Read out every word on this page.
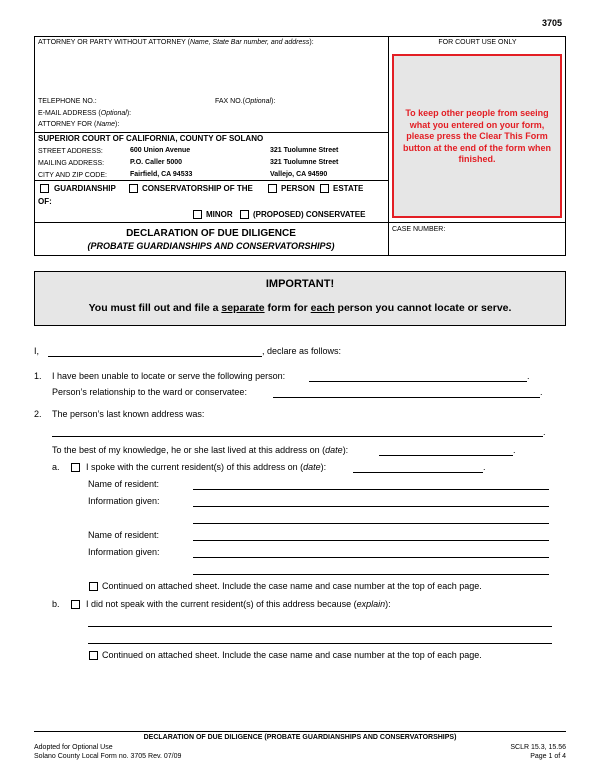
3705
ATTORNEY OR PARTY WITHOUT ATTORNEY (Name, State Bar number, and address):	FOR COURT USE ONLY
TELEPHONE NO.:	FAX NO.(Optional):
E-MAIL ADDRESS (Optional):
ATTORNEY FOR (Name):
SUPERIOR COURT OF CALIFORNIA, COUNTY OF SOLANO
STREET ADDRESS:	600 Union Avenue	321 Tuolumne Street
MAILING ADDRESS:	P.O. Caller 5000	321 Tuolumne Street
CITY AND ZIP CODE:	Fairfield, CA 94533	Vallejo, CA 94590
GUARDIANSHIP	CONSERVATORSHIP OF THE	PERSON ESTATE
OF:
MINOR	(PROPOSED) CONSERVATEE
DECLARATION OF DUE DILIGENCE
(PROBATE GUARDIANSHIPS AND CONSERVATORSHIPS)
CASE NUMBER:
To keep other people from seeing what you entered on your form, please press the Clear This Form button at the end of the form when finished.
IMPORTANT!
You must fill out and file a separate form for each person you cannot locate or serve.
I,	, declare as follows:
1. I have been unable to locate or serve the following person:	.
Person’s relationship to the ward or conservatee:	.
2. The person’s last known address was:
.
To the best of my knowledge, he or she last lived at this address on (date):	.
a.	I spoke with the current resident(s) of this address on (date):	.
Name of resident:
Information given:
Name of resident:
Information given:
Continued on attached sheet. Include the case name and case number at the top of each page.
b.	I did not speak with the current resident(s) of this address because (explain):
Continued on attached sheet. Include the case name and case number at the top of each page.
DECLARATION OF DUE DILIGENCE (PROBATE GUARDIANSHIPS AND CONSERVATORSHIPS)
Adopted for Optional Use
Solano County Local Form no. 3705 Rev. 07/09
SCLR 15.3, 15.56
Page 1 of 4
